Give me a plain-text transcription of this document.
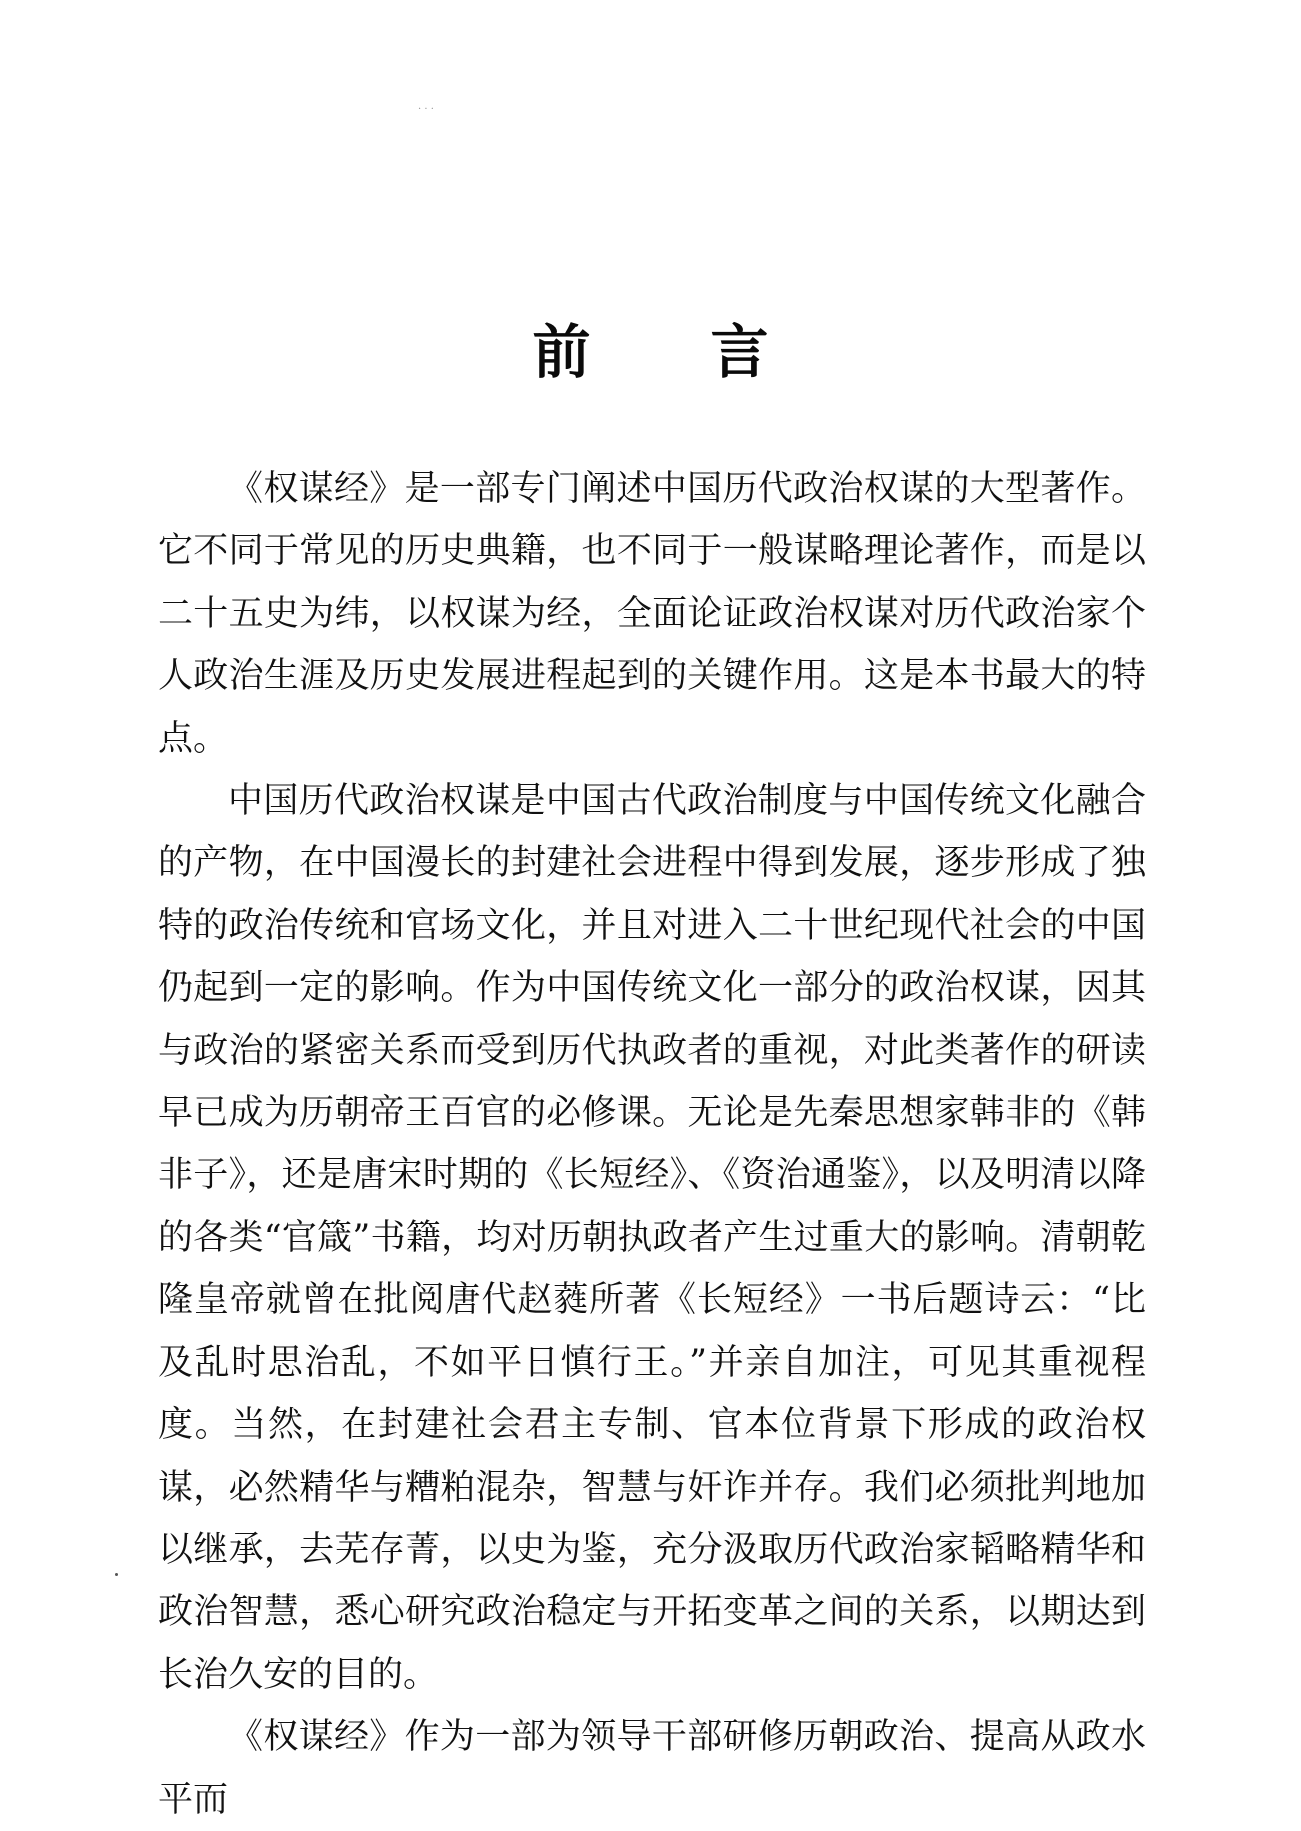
· · ·
前言

《权谋经》是一部专门阐述中国历代政治权谋的大型著作。它不同于常见的历史典籍，也不同于一般谋略理论著作，而是以二十五史为纬，以权谋为经，全面论证政治权谋对历代政治家个人政治生涯及历史发展进程起到的关键作用。这是本书最大的特点。

中国历代政治权谋是中国古代政治制度与中国传统文化融合的产物，在中国漫长的封建社会进程中得到发展，逐步形成了独特的政治传统和官场文化，并且对进入二十世纪现代社会的中国仍起到一定的影响。作为中国传统文化一部分的政治权谋，因其与政治的紧密关系而受到历代执政者的重视，对此类著作的研读早已成为历朝帝王百官的必修课。无论是先秦思想家韩非的《韩非子》，还是唐宋时期的《长短经》、《资治通鉴》，以及明清以降的各类“官箴”书籍，均对历朝执政者产生过重大的影响。清朝乾隆皇帝就曾在批阅唐代赵蕤所著《长短经》一书后题诗云：“比及乱时思治乱，不如平日慎行王。”并亲自加注，可见其重视程度。当然，在封建社会君主专制、官本位背景下形成的政治权谋，必然精华与糟粕混杂，智慧与奸诈并存。我们必须批判地加以继承，去芜存菁，以史为鉴，充分汲取历代政治家韬略精华和政治智慧，悉心研究政治稳定与开拓变革之间的关系，以期达到长治久安的目的。

《权谋经》作为一部为领导干部研修历朝政治、提高从政水平而
